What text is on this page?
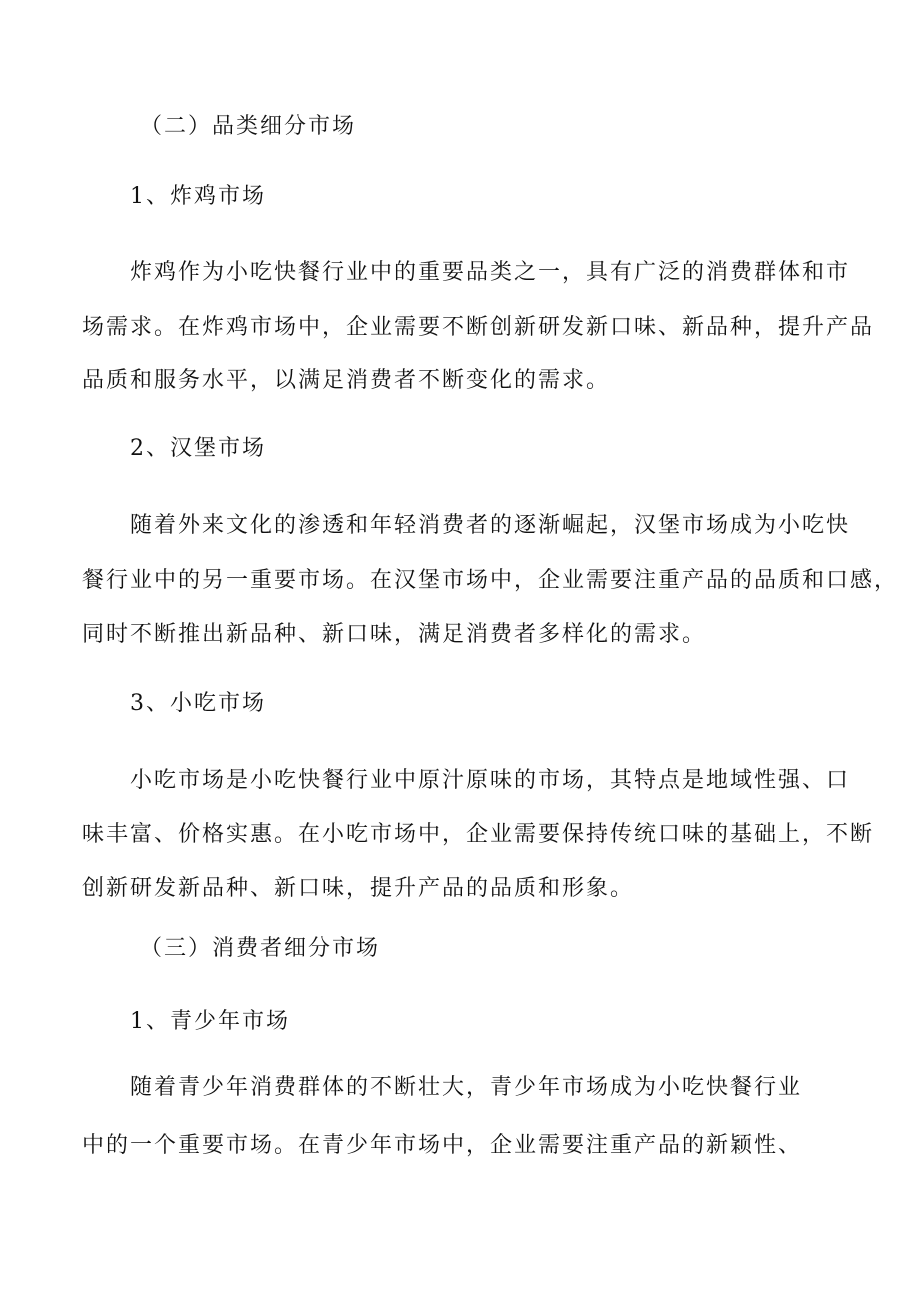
（二）品类细分市场
1、炸鸡市场
炸鸡作为小吃快餐行业中的重要品类之一，具有广泛的消费群体和市
场需求。在炸鸡市场中，企业需要不断创新研发新口味、新品种，提升产品
品质和服务水平，以满足消费者不断变化的需求。
2、汉堡市场
随着外来文化的渗透和年轻消费者的逐渐崛起，汉堡市场成为小吃快
餐行业中的另一重要市场。在汉堡市场中，企业需要注重产品的品质和口感，
同时不断推出新品种、新口味，满足消费者多样化的需求。
3、小吃市场
小吃市场是小吃快餐行业中原汁原味的市场，其特点是地域性强、口
味丰富、价格实惠。在小吃市场中，企业需要保持传统口味的基础上，不断
创新研发新品种、新口味，提升产品的品质和形象。
（三）消费者细分市场
1、青少年市场
随着青少年消费群体的不断壮大，青少年市场成为小吃快餐行业
中的一个重要市场。在青少年市场中，企业需要注重产品的新颖性、
